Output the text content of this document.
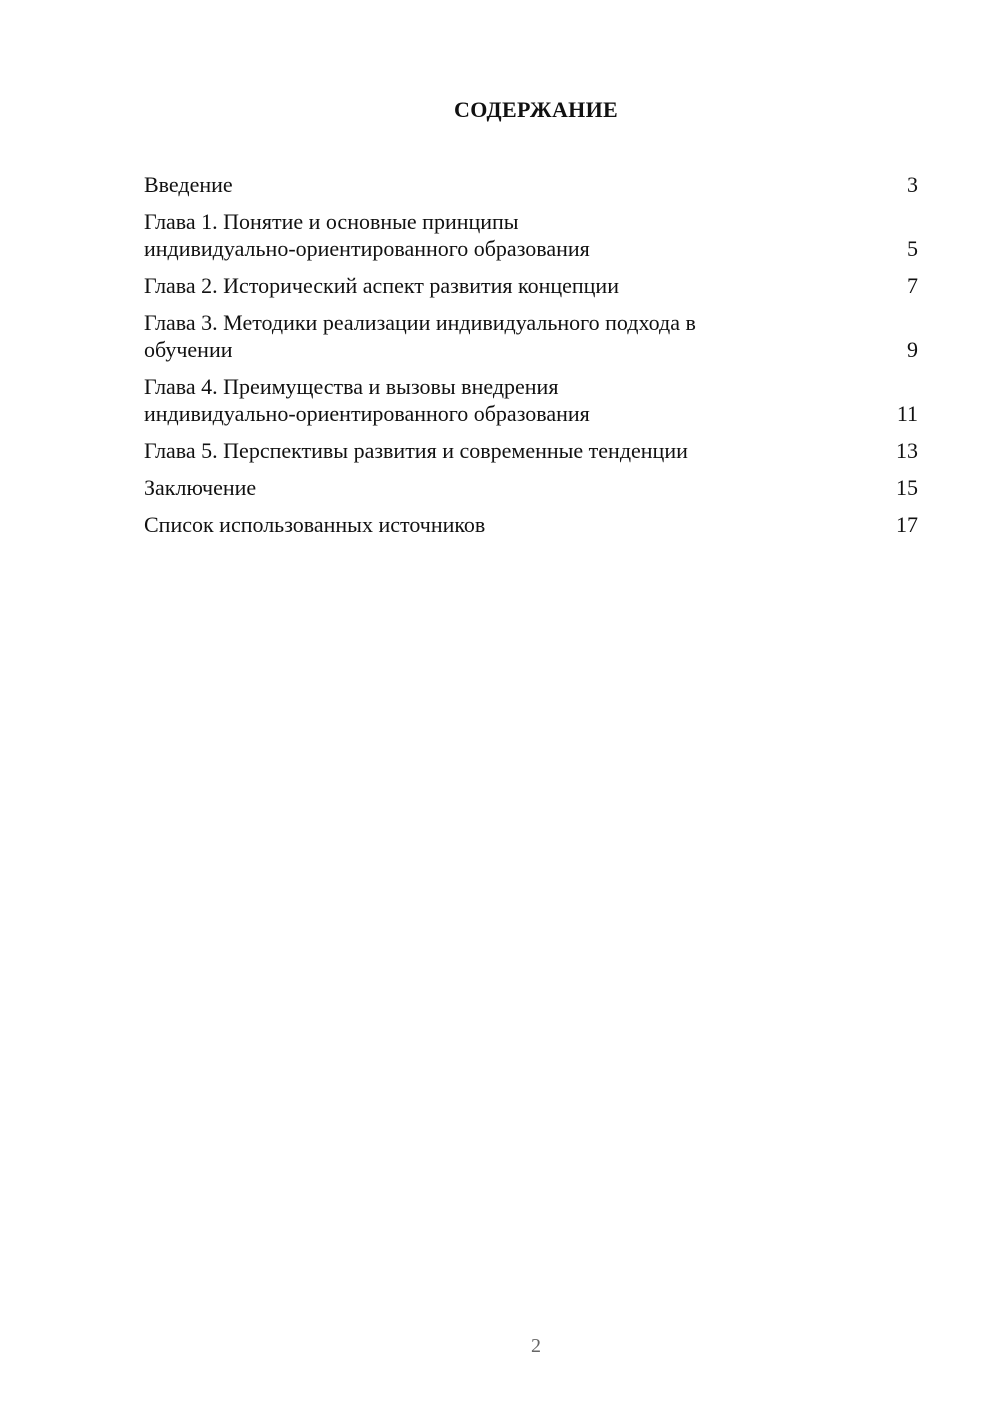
СОДЕРЖАНИЕ
Введение	3
Глава 1. Понятие и основные принципы
индивидуально-ориентированного образования	5
Глава 2. Исторический аспект развития концепции	7
Глава 3. Методики реализации индивидуального подхода в
обучении	9
Глава 4. Преимущества и вызовы внедрения
индивидуально-ориентированного образования	11
Глава 5. Перспективы развития и современные тенденции	13
Заключение	15
Список использованных источников	17
2
